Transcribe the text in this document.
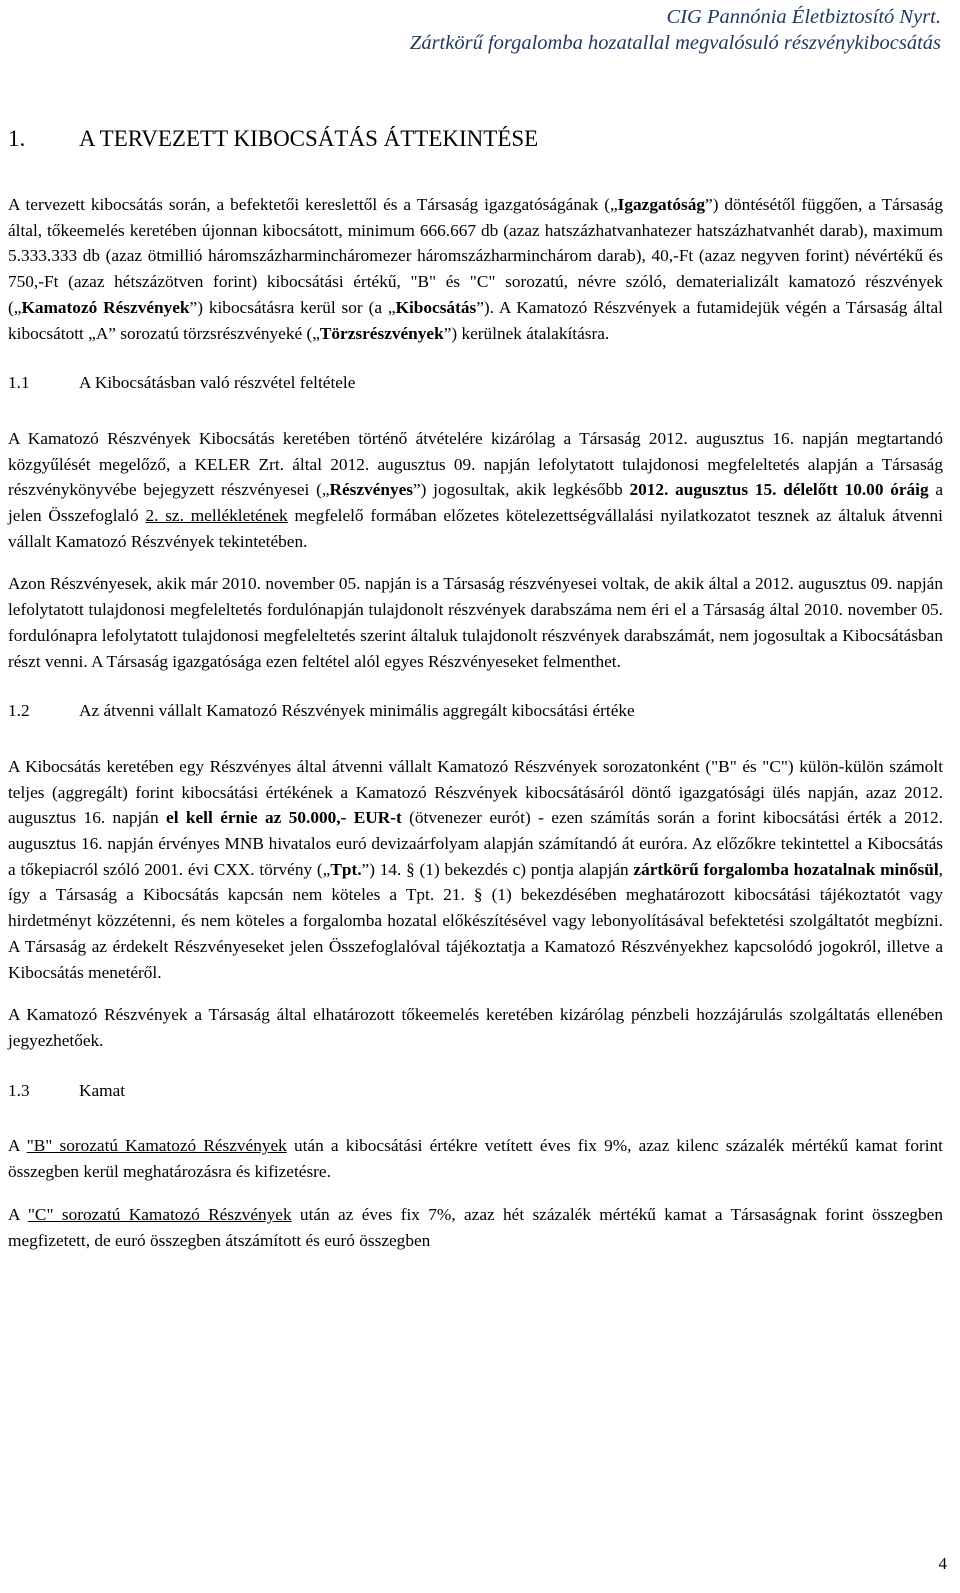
CIG Pannónia Életbiztosító Nyrt.
Zártkörű forgalomba hozatallal megvalósuló részvénykibocsátás
1. A TERVEZETT KIBOCSÁTÁS ÁTTEKINTÉSE

A tervezett kibocsátás során, a befektetői kereslettől és a Társaság igazgatóságának („Igazgatóság”) döntésétől függően, a Társaság által, tőkeemelés keretében újonnan kibocsátott, minimum 666.667 db (azaz hatszázhatvanhatezer hatszázhatvanhét darab), maximum 5.333.333 db (azaz ötmillió háromszázharmincháromezer háromszázharminchárom darab), 40,-Ft (azaz negyven forint) névértékű és 750,-Ft (azaz hétszázötven forint) kibocsátási értékű, "B" és "C" sorozatú, névre szóló, dematerializált kamatozó részvények („Kamatozó Részvények”) kibocsátásra kerül sor (a „Kibocsátás”). A Kamatozó Részvények a futamidejük végén a Társaság által kibocsátott „A” sorozatú törzsrészvényeké („Törzsrészvények”) kerülnek átalakításra.

1.1	A Kibocsátásban való részvétel feltétele

A Kamatozó Részvények Kibocsátás keretében történő átvételére kizárólag a Társaság 2012. augusztus 16. napján megtartandó közgyűlését megelőző, a KELER Zrt. által 2012. augusztus 09. napján lefolytatott tulajdonosi megfeleltetés alapján a Társaság részvénykönyvébe bejegyzett részvényesei („Részvényes”) jogosultak, akik legkésőbb 2012. augusztus 15. délelőtt 10.00 óráig a jelen Összefoglaló 2. sz. mellékletének megfelelő formában előzetes kötelezettségvállalási nyilatkozatot tesznek az általuk átvenni vállalt Kamatozó Részvények tekintetében.

Azon Részvényesek, akik már 2010. november 05. napján is a Társaság részvényesei voltak, de akik által a 2012. augusztus 09. napján lefolytatott tulajdonosi megfeleltetés fordulónapján tulajdonolt részvények darabszáma nem éri el a Társaság által 2010. november 05. fordulónapra lefolytatott tulajdonosi megfeleltetés szerint általuk tulajdonolt részvények darabszámát, nem jogosultak a Kibocsátásban részt venni. A Társaság igazgatósága ezen feltétel alól egyes Részvényeseket felmenthet.

1.2	Az átvenni vállalt Kamatozó Részvények minimális aggregált kibocsátási értéke

A Kibocsátás keretében egy Részvényes által átvenni vállalt Kamatozó Részvények sorozatonként ("B" és "C") külön-külön számolt teljes (aggregált) forint kibocsátási értékének a Kamatozó Részvények kibocsátásáról döntő igazgatósági ülés napján, azaz 2012. augusztus 16. napján el kell érnie az 50.000,- EUR-t (ötvenezer eurót) - ezen számítás során a forint kibocsátási érték a 2012. augusztus 16. napján érvényes MNB hivatalos euró devizaárfolyam alapján számítandó át euróra. Az előzőkre tekintettel a Kibocsátás a tőkepiacról szóló 2001. évi CXX. törvény („Tpt.”) 14. § (1) bekezdés c) pontja alapján zártkörű forgalomba hozatalnak minősül, így a Társaság a Kibocsátás kapcsán nem köteles a Tpt. 21. § (1) bekezdésében meghatározott kibocsátási tájékoztatót vagy hirdetményt közzétenni, és nem köteles a forgalomba hozatal előkészítésével vagy lebonyolításával befektetési szolgáltatót megbízni. A Társaság az érdekelt Részvényeseket jelen Összefoglalóval tájékoztatja a Kamatozó Részvényekhez kapcsolódó jogokról, illetve a Kibocsátás menetéről.

A Kamatozó Részvények a Társaság által elhatározott tőkeemelés keretében kizárólag pénzbeli hozzájárulás szolgáltatás ellenében jegyezhetőek.

1.3	Kamat

A "B" sorozatú Kamatozó Részvények után a kibocsátási értékre vetített éves fix 9%, azaz kilenc százalék mértékű kamat forint összegben kerül meghatározásra és kifizetésre.

A "C" sorozatú Kamatozó Részvények után az éves fix 7%, azaz hét százalék mértékű kamat a Társaságnak forint összegben megfizetett, de euró összegben átszámított és euró összegben

4
